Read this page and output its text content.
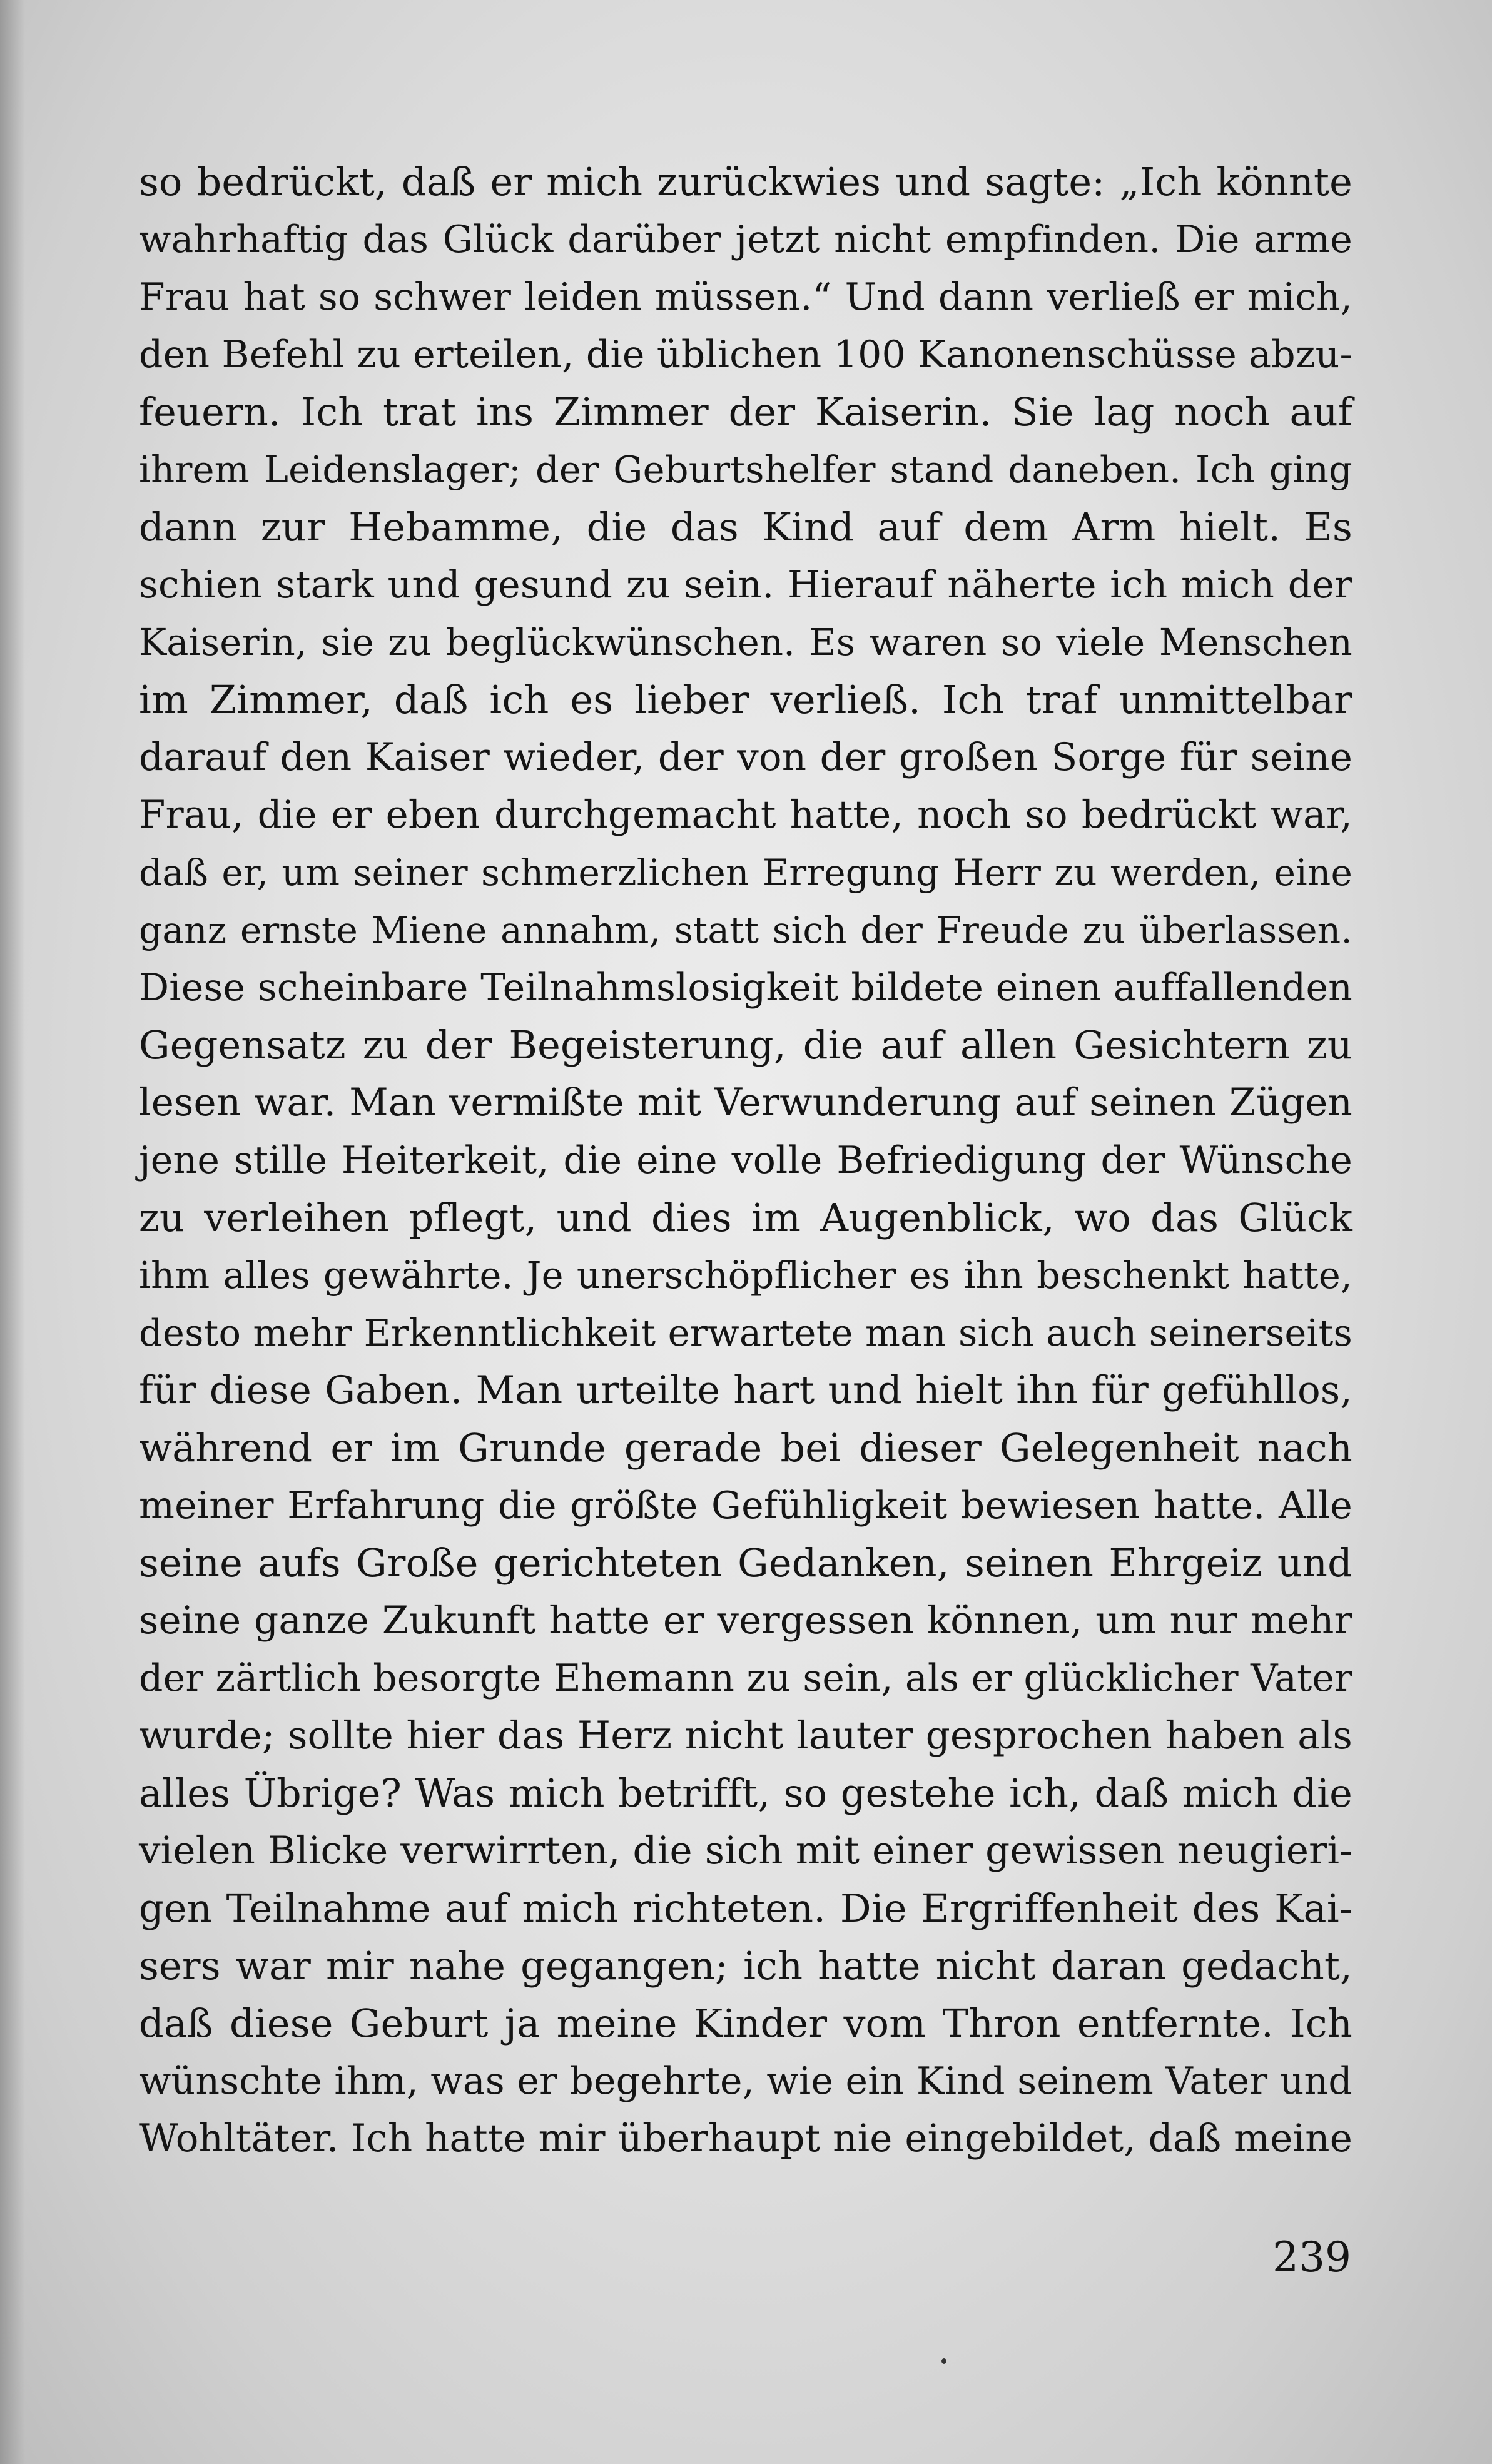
so bedrückt, daß er mich zurückwies und sagte: „Ich könnte
wahrhaftig das Glück darüber jetzt nicht empfinden. Die arme
Frau hat so schwer leiden müssen.“ Und dann verließ er mich,
den Befehl zu erteilen, die üblichen 100 Kanonenschüsse abzu-
feuern. Ich trat ins Zimmer der Kaiserin. Sie lag noch auf
ihrem Leidenslager; der Geburtshelfer stand daneben. Ich ging
dann zur Hebamme, die das Kind auf dem Arm hielt. Es
schien stark und gesund zu sein. Hierauf näherte ich mich der
Kaiserin, sie zu beglückwünschen. Es waren so viele Menschen
im Zimmer, daß ich es lieber verließ. Ich traf unmittelbar
darauf den Kaiser wieder, der von der großen Sorge für seine
Frau, die er eben durchgemacht hatte, noch so bedrückt war,
daß er, um seiner schmerzlichen Erregung Herr zu werden, eine
ganz ernste Miene annahm, statt sich der Freude zu überlassen.
Diese scheinbare Teilnahmslosigkeit bildete einen auffallenden
Gegensatz zu der Begeisterung, die auf allen Gesichtern zu
lesen war. Man vermißte mit Verwunderung auf seinen Zügen
jene stille Heiterkeit, die eine volle Befriedigung der Wünsche
zu verleihen pflegt, und dies im Augenblick, wo das Glück
ihm alles gewährte. Je unerschöpflicher es ihn beschenkt hatte,
desto mehr Erkenntlichkeit erwartete man sich auch seinerseits
für diese Gaben. Man urteilte hart und hielt ihn für gefühllos,
während er im Grunde gerade bei dieser Gelegenheit nach
meiner Erfahrung die größte Gefühligkeit bewiesen hatte. Alle
seine aufs Große gerichteten Gedanken, seinen Ehrgeiz und
seine ganze Zukunft hatte er vergessen können, um nur mehr
der zärtlich besorgte Ehemann zu sein, als er glücklicher Vater
wurde; sollte hier das Herz nicht lauter gesprochen haben als
alles Übrige? Was mich betrifft, so gestehe ich, daß mich die
vielen Blicke verwirrten, die sich mit einer gewissen neugieri-
gen Teilnahme auf mich richteten. Die Ergriffenheit des Kai-
sers war mir nahe gegangen; ich hatte nicht daran gedacht,
daß diese Geburt ja meine Kinder vom Thron entfernte. Ich
wünschte ihm, was er begehrte, wie ein Kind seinem Vater und
Wohltäter. Ich hatte mir überhaupt nie eingebildet, daß meine
239
